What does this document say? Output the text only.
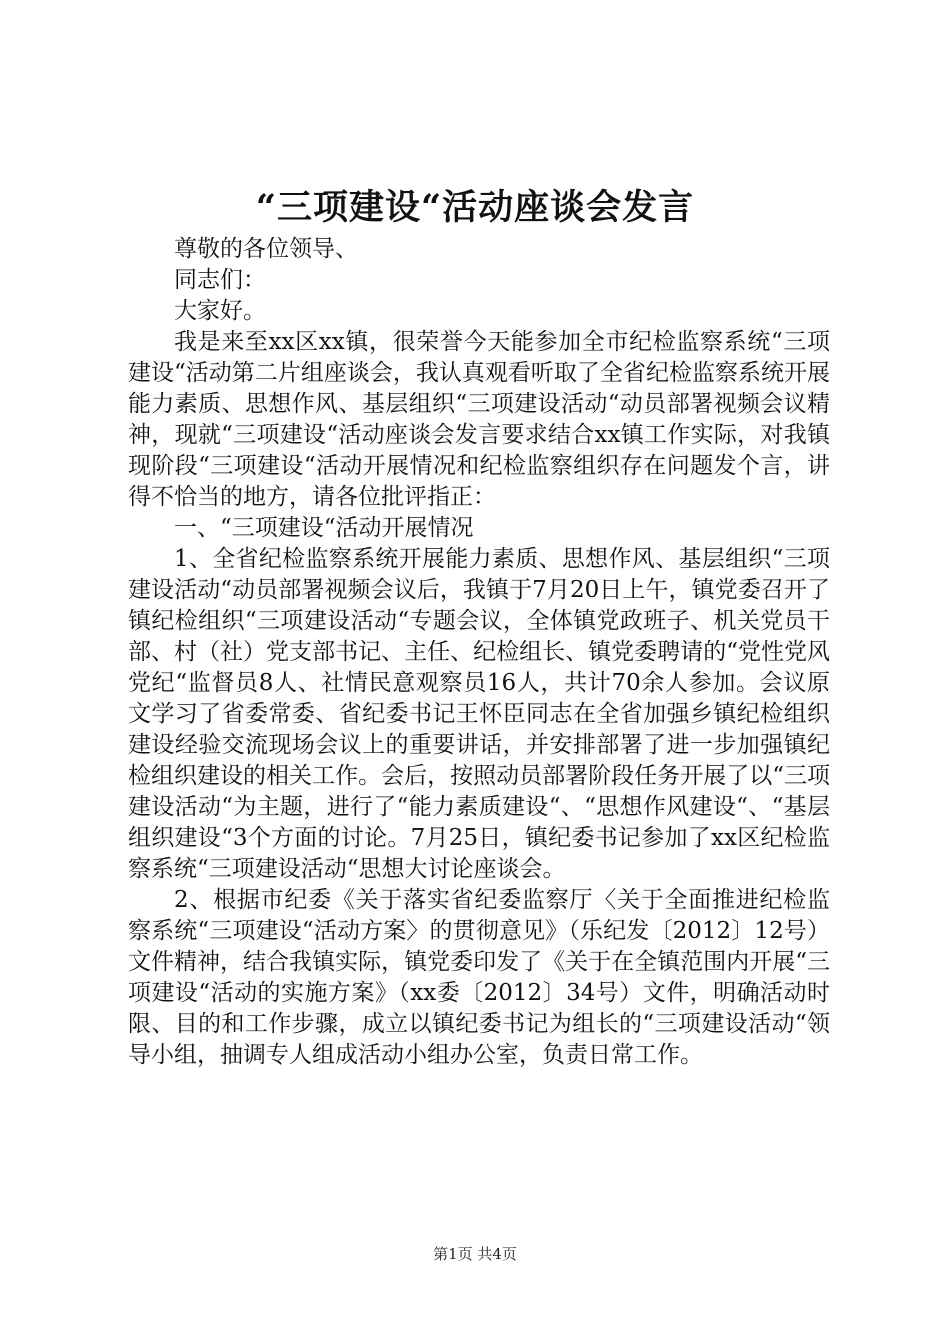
“三项建设“活动座谈会发言

尊敬的各位领导、

同志们：

大家好。

我是来至xx区xx镇，很荣誉今天能参加全市纪检监察系统“三项建设“活动第二片组座谈会，我认真观看听取了全省纪检监察系统开展能力素质、思想作风、基层组织“三项建设活动“动员部署视频会议精神，现就“三项建设“活动座谈会发言要求结合xx镇工作实际，对我镇现阶段“三项建设“活动开展情况和纪检监察组织存在问题发个言，讲得不恰当的地方，请各位批评指正：

一、“三项建设“活动开展情况

1、全省纪检监察系统开展能力素质、思想作风、基层组织“三项建设活动“动员部署视频会议后，我镇于7月20日上午，镇党委召开了镇纪检组织“三项建设活动“专题会议，全体镇党政班子、机关党员干部、村（社）党支部书记、主任、纪检组长、镇党委聘请的“党性党风党纪“监督员8人、社情民意观察员16人，共计70余人参加。会议原文学习了省委常委、省纪委书记王怀臣同志在全省加强乡镇纪检组织建设经验交流现场会议上的重要讲话，并安排部署了进一步加强镇纪检组织建设的相关工作。会后，按照动员部署阶段任务开展了以“三项建设活动“为主题，进行了“能力素质建设“、“思想作风建设“、“基层组织建设“3个方面的讨论。7月25日，镇纪委书记参加了xx区纪检监察系统“三项建设活动“思想大讨论座谈会。

2、根据市纪委《关于落实省纪委监察厅〈关于全面推进纪检监察系统“三项建设“活动方案〉的贯彻意见》（乐纪发〔2012〕12号）文件精神，结合我镇实际，镇党委印发了《关于在全镇范围内开展“三项建设“活动的实施方案》（xx委〔2012〕34号）文件，明确活动时限、目的和工作步骤，成立以镇纪委书记为组长的“三项建设活动“领导小组，抽调专人组成活动小组办公室，负责日常工作。

第1页 共4页
